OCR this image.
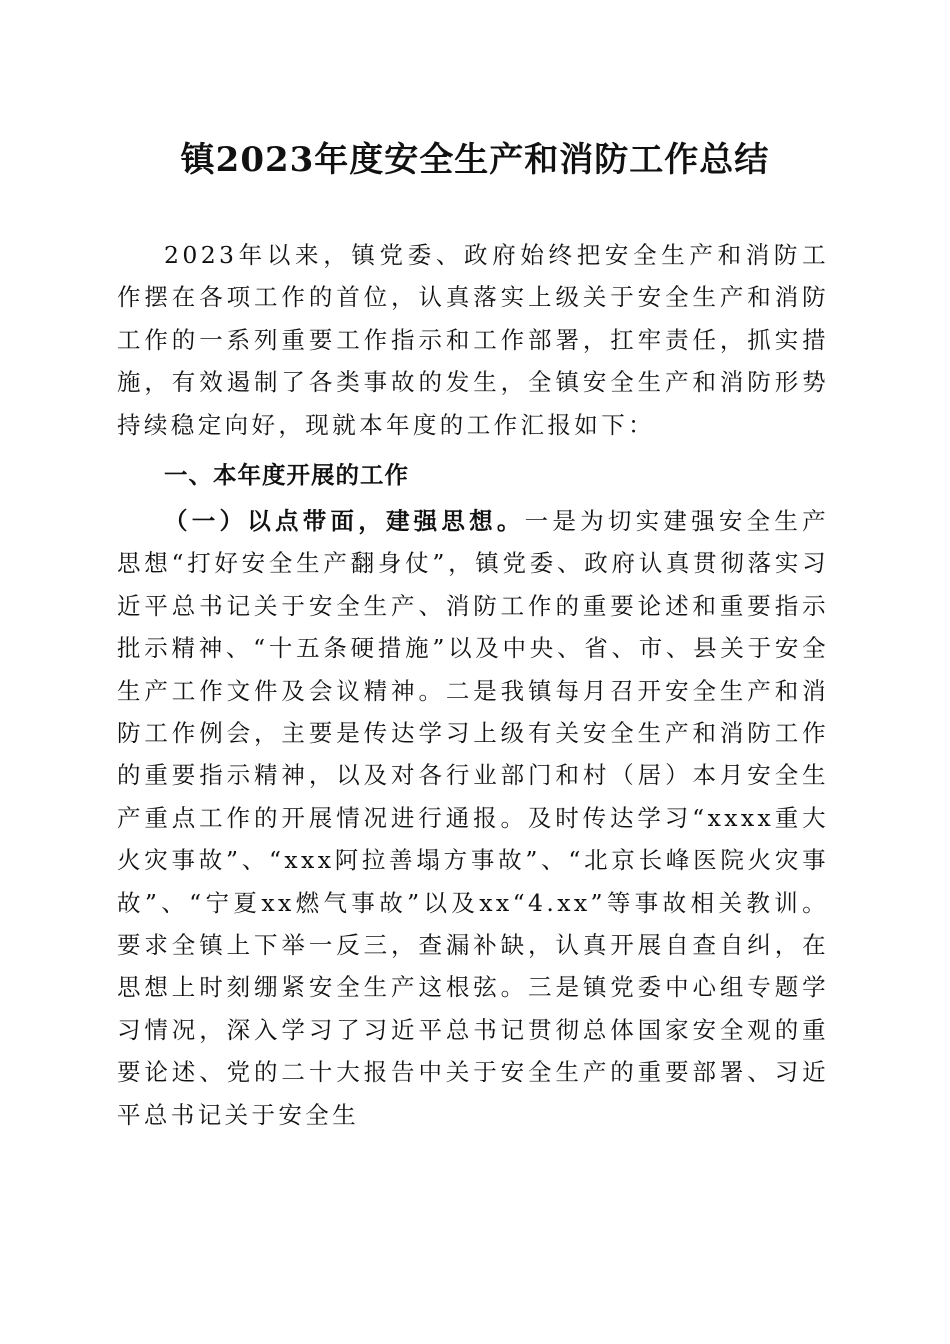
镇2023年度安全生产和消防工作总结

2023年以来，镇党委、政府始终把安全生产和消防工作摆在各项工作的首位，认真落实上级关于安全生产和消防工作的一系列重要工作指示和工作部署，扛牢责任，抓实措施，有效遏制了各类事故的发生，全镇安全生产和消防形势持续稳定向好，现就本年度的工作汇报如下：

一、本年度开展的工作

（一）以点带面，建强思想。一是为切实建强安全生产思想“打好安全生产翻身仗”，镇党委、政府认真贯彻落实习近平总书记关于安全生产、消防工作的重要论述和重要指示批示精神、“十五条硬措施”以及中央、省、市、县关于安全生产工作文件及会议精神。二是我镇每月召开安全生产和消防工作例会，主要是传达学习上级有关安全生产和消防工作的重要指示精神，以及对各行业部门和村（居）本月安全生产重点工作的开展情况进行通报。及时传达学习“xxxx重大火灾事故”、“xxx阿拉善塌方事故”、“北京长峰医院火灾事故”、“宁夏xx燃气事故”以及xx“4.xx”等事故相关教训。要求全镇上下举一反三，查漏补缺，认真开展自查自纠，在思想上时刻绷紧安全生产这根弦。三是镇党委中心组专题学习情况，深入学习了习近平总书记贯彻总体国家安全观的重要论述、党的二十大报告中关于安全生产的重要部署、习近平总书记关于安全生
